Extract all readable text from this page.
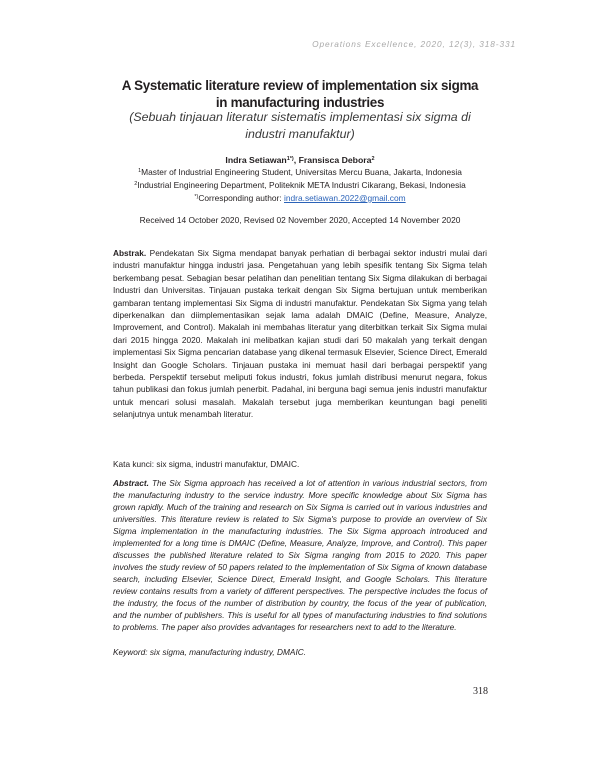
Operations Excellence, 2020, 12(3), 318-331
A Systematic literature review of implementation six sigma in manufacturing industries
(Sebuah tinjauan literatur sistematis implementasi six sigma di industri manufaktur)
Indra Setiawan$^{1*)}$, Fransisca Debora$^2$
$^1$Master of Industrial Engineering Student, Universitas Mercu Buana, Jakarta, Indonesia
$^2$Industrial Engineering Department, Politeknik META Industri Cikarang, Bekasi, Indonesia
*)Corresponding author: indra.setiawan.2022@gmail.com
Received 14 October 2020, Revised 02 November 2020, Accepted 14 November 2020
Abstrak. Pendekatan Six Sigma mendapat banyak perhatian di berbagai sektor industri mulai dari industri manufaktur hingga industri jasa. Pengetahuan yang lebih spesifik tentang Six Sigma telah berkembang pesat. Sebagian besar pelatihan dan penelitian tentang Six Sigma dilakukan di berbagai Industri dan Universitas. Tinjauan pustaka terkait dengan Six Sigma bertujuan untuk memberikan gambaran tentang implementasi Six Sigma di industri manufaktur. Pendekatan Six Sigma yang telah diperkenalkan dan diimplementasikan sejak lama adalah DMAIC (Define, Measure, Analyze, Improvement, and Control). Makalah ini membahas literatur yang diterbitkan terkait Six Sigma mulai dari 2015 hingga 2020. Makalah ini melibatkan kajian studi dari 50 makalah yang terkait dengan implementasi Six Sigma pencarian database yang dikenal termasuk Elsevier, Science Direct, Emerald Insight dan Google Scholars. Tinjauan pustaka ini memuat hasil dari berbagai perspektif yang berbeda. Perspektif tersebut meliputi fokus industri, fokus jumlah distribusi menurut negara, fokus tahun publikasi dan fokus jumlah penerbit. Padahal, ini berguna bagi semua jenis industri manufaktur untuk mencari solusi masalah. Makalah tersebut juga memberikan keuntungan bagi peneliti selanjutnya untuk menambah literatur.
Kata kunci: six sigma, industri manufaktur, DMAIC.
Abstract. The Six Sigma approach has received a lot of attention in various industrial sectors, from the manufacturing industry to the service industry. More specific knowledge about Six Sigma has grown rapidly. Much of the training and research on Six Sigma is carried out in various industries and universities. This literature review is related to Six Sigma's purpose to provide an overview of Six Sigma implementation in the manufacturing industries. The Six Sigma approach introduced and implemented for a long time is DMAIC (Define, Measure, Analyze, Improve, and Control). This paper discusses the published literature related to Six Sigma ranging from 2015 to 2020. This paper involves the study review of 50 papers related to the implementation of Six Sigma of known database search, including Elsevier, Science Direct, Emerald Insight, and Google Scholars. This literature review contains results from a variety of different perspectives. The perspective includes the focus of the industry, the focus of the number of distribution by country, the focus of the year of publication, and the number of publishers. This is useful for all types of manufacturing industries to find solutions to problems. The paper also provides advantages for researchers next to add to the literature.
Keyword: six sigma, manufacturing industry, DMAIC.
318
